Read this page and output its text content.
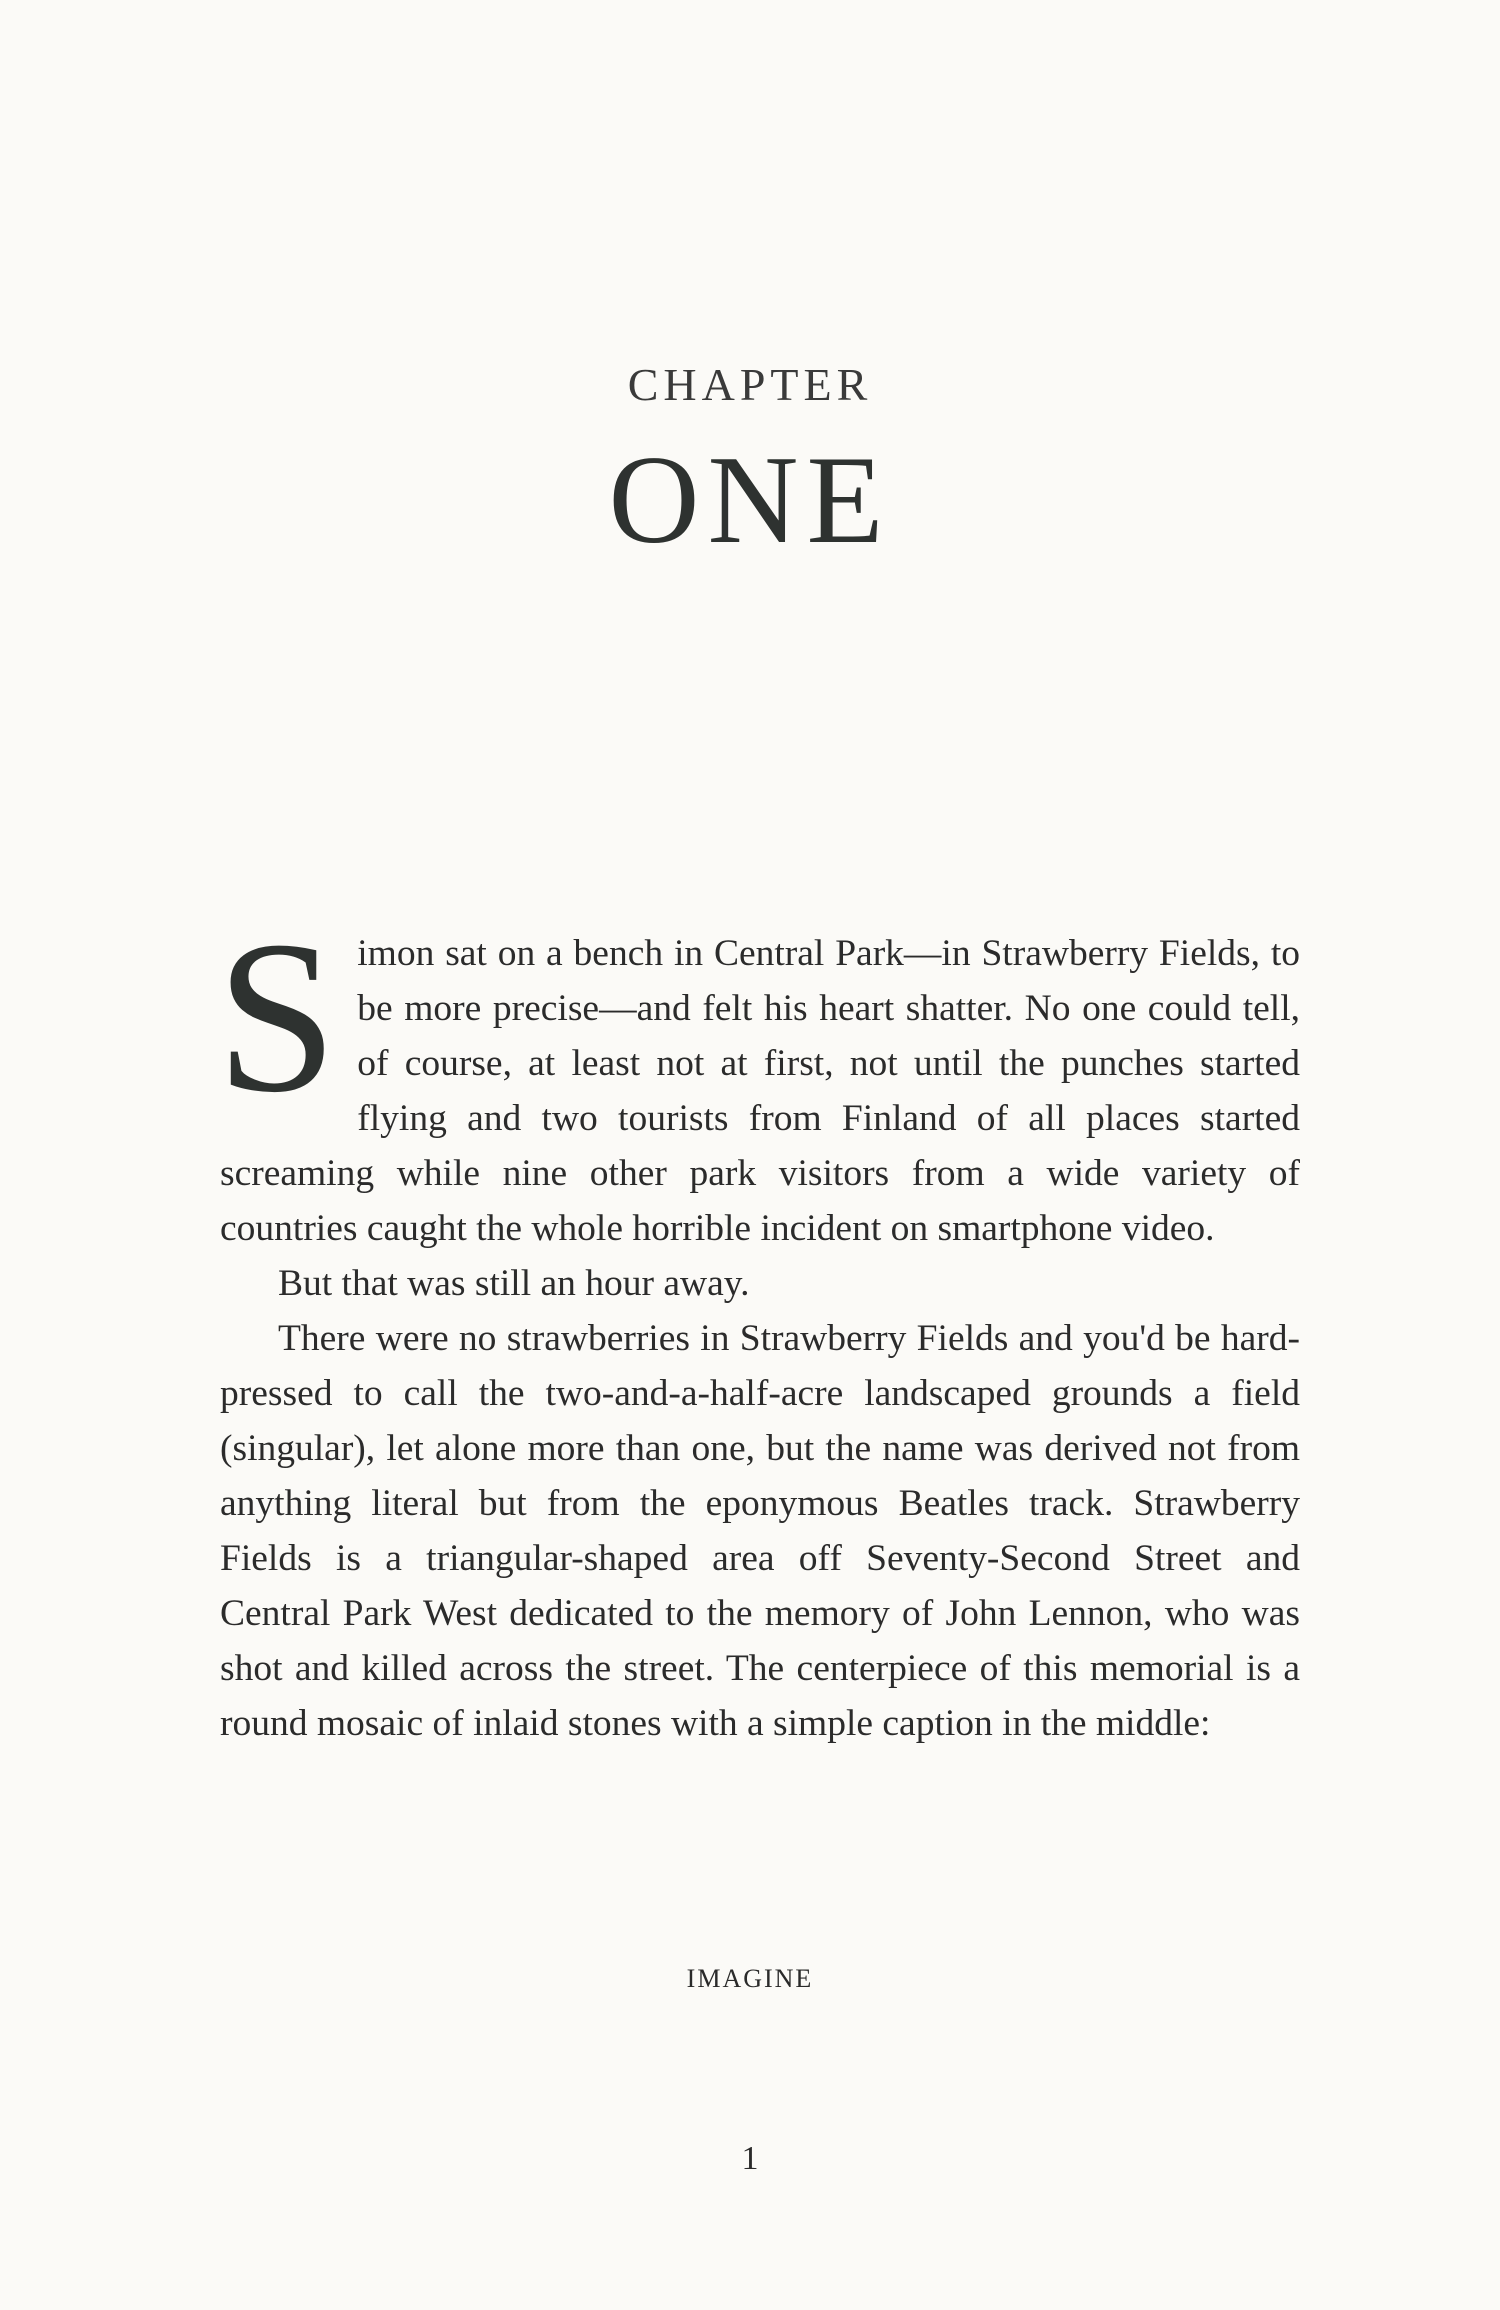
CHAPTER
ONE

Simon sat on a bench in Central Park—in Strawberry Fields, to be more precise—and felt his heart shatter. No one could tell, of course, at least not at first, not until the punches started flying and two tourists from Finland of all places started screaming while nine other park visitors from a wide variety of countries caught the whole horrible incident on smartphone video.

But that was still an hour away.

There were no strawberries in Strawberry Fields and you'd be hard-pressed to call the two-and-a-half-acre landscaped grounds a field (singular), let alone more than one, but the name was derived not from anything literal but from the eponymous Beatles track. Strawberry Fields is a triangular-shaped area off Seventy-Second Street and Central Park West dedicated to the memory of John Lennon, who was shot and killed across the street. The centerpiece of this memorial is a round mosaic of inlaid stones with a simple caption in the middle:

IMAGINE
1
